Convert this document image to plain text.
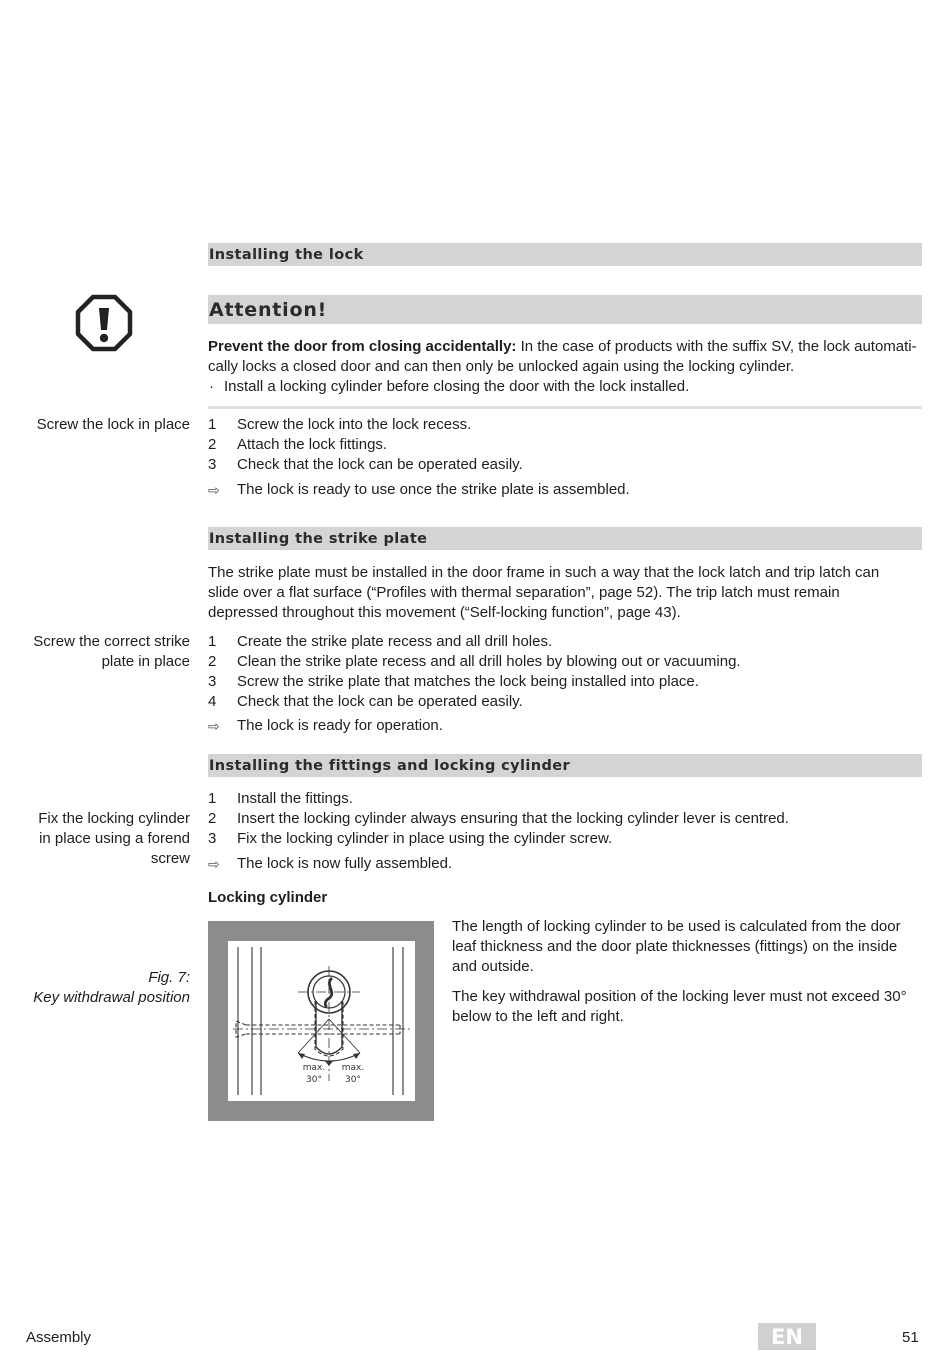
Installing the lock
Attention!
Prevent the door from closing accidentally: In the case of products with the suffix SV, the lock automati-
cally locks a closed door and can then only be unlocked again using the locking cylinder.
· Install a locking cylinder before closing the door with the lock installed.
Screw the lock in place 1	Screw the lock into the lock recess.
2	Attach the lock fittings.
3	Check that the lock can be operated easily.
⇨	The lock is ready to use once the strike plate is assembled.
Installing the strike plate
The strike plate must be installed in the door frame in such a way that the lock latch and trip latch can
slide over a flat surface (“Profiles with thermal separation”, page 52). The trip latch must remain
depressed throughout this movement (“Self-locking function”, page 43).
Screw the correct strike
plate in place
1	Create the strike plate recess and all drill holes.
2	Clean the strike plate recess and all drill holes by blowing out or vacuuming.
3	Screw the strike plate that matches the lock being installed into place.
4	Check that the lock can be operated easily.
⇨	The lock is ready for operation.
Installing the fittings and locking cylinder
Fix the locking cylinder
in place using a forend
screw
1	Install the fittings.
2	Insert the locking cylinder always ensuring that the locking cylinder lever is centred.
3	Fix the locking cylinder in place using the cylinder screw.
⇨	The lock is now fully assembled.
Locking cylinder
Fig. 7:
Key withdrawal position
max.
30°
max.
30°
The length of locking cylinder to be used is calculated from the door
leaf thickness and the door plate thicknesses (fittings) on the inside
and outside.
The key withdrawal position of the locking lever must not exceed 30°
below to the left and right.
Assembly	EN	51
